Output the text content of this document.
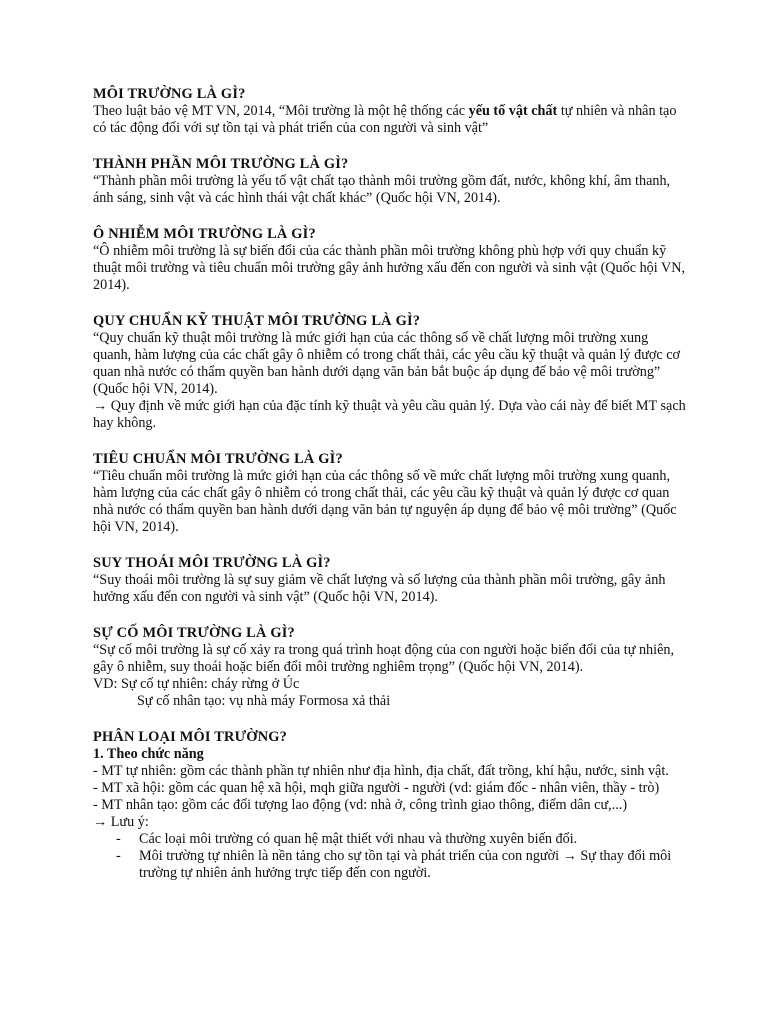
MÔI TRƯỜNG LÀ GÌ?

Theo luật bảo vệ MT VN, 2014, “Môi trường là một hệ thống các yếu tố vật chất tự nhiên và nhân tạo có tác động đối với sự tồn tại và phát triển của con người và sinh vật”

THÀNH PHẦN MÔI TRƯỜNG LÀ GÌ?

“Thành phần môi trường là yếu tố vật chất tạo thành môi trường gồm đất, nước, không khí, âm thanh, ánh sáng, sinh vật và các hình thái vật chất khác” (Quốc hội VN, 2014).

Ô NHIỄM MÔI TRƯỜNG LÀ GÌ?

“Ô nhiễm môi trường là sự biến đổi của các thành phần môi trường không phù hợp với quy chuẩn kỹ thuật môi trường và tiêu chuẩn môi trường gây ảnh hưởng xấu đến con người và sinh vật (Quốc hội VN, 2014).

QUY CHUẨN KỸ THUẬT MÔI TRƯỜNG LÀ GÌ?

“Quy chuẩn kỹ thuật môi trường là mức giới hạn của các thông số về chất lượng môi trường xung quanh, hàm lượng của các chất gây ô nhiễm có trong chất thải, các yêu cầu kỹ thuật và quản lý được cơ quan nhà nước có thẩm quyền ban hành dưới dạng văn bản bắt buộc áp dụng để bảo vệ môi trường” (Quốc hội VN, 2014).

→ Quy định về mức giới hạn của đặc tính kỹ thuật và yêu cầu quản lý. Dựa vào cái này để biết MT sạch hay không.

TIÊU CHUẨN MÔI TRƯỜNG LÀ GÌ?

“Tiêu chuẩn môi trường là mức giới hạn của các thông số về mức chất lượng môi trường xung quanh, hàm lượng của các chất gây ô nhiễm có trong chất thải, các yêu cầu kỹ thuật và quản lý được cơ quan nhà nước có thẩm quyền ban hành dưới dạng văn bản tự nguyện áp dụng để bảo vệ môi trường” (Quốc hội VN, 2014).

SUY THOÁI MÔI TRƯỜNG LÀ GÌ?

“Suy thoái môi trường là sự suy giảm về chất lượng và số lượng của thành phần môi trường, gây ảnh hưởng xấu đến con người và sinh vật” (Quốc hội VN, 2014).

SỰ CỐ MÔI TRƯỜNG LÀ GÌ?

“Sự cố môi trường là sự cố xảy ra trong quá trình hoạt động của con người hoặc biến đổi của tự nhiên, gây ô nhiễm, suy thoái hoặc biến đổi môi trường nghiêm trọng” (Quốc hội VN, 2014).

VD: Sự cố tự nhiên: cháy rừng ở Úc

Sự cố nhân tạo: vụ nhà máy Formosa xả thải

PHÂN LOẠI MÔI TRƯỜNG?

1. Theo chức năng

- MT tự nhiên: gồm các thành phần tự nhiên như địa hình, địa chất, đất trồng, khí hậu, nước, sinh vật.

- MT xã hội: gồm các quan hệ xã hội, mqh giữa người - người (vd: giám đốc - nhân viên, thầy - trò)

- MT nhân tạo: gồm các đối tượng lao động (vd: nhà ở, công trình giao thông, điểm dân cư,...)

→ Lưu ý:

- Các loại môi trường có quan hệ mật thiết với nhau và thường xuyên biến đổi.
- Môi trường tự nhiên là nền tảng cho sự tồn tại và phát triển của con người → Sự thay đổi môi trường tự nhiên ảnh hưởng trực tiếp đến con người.
